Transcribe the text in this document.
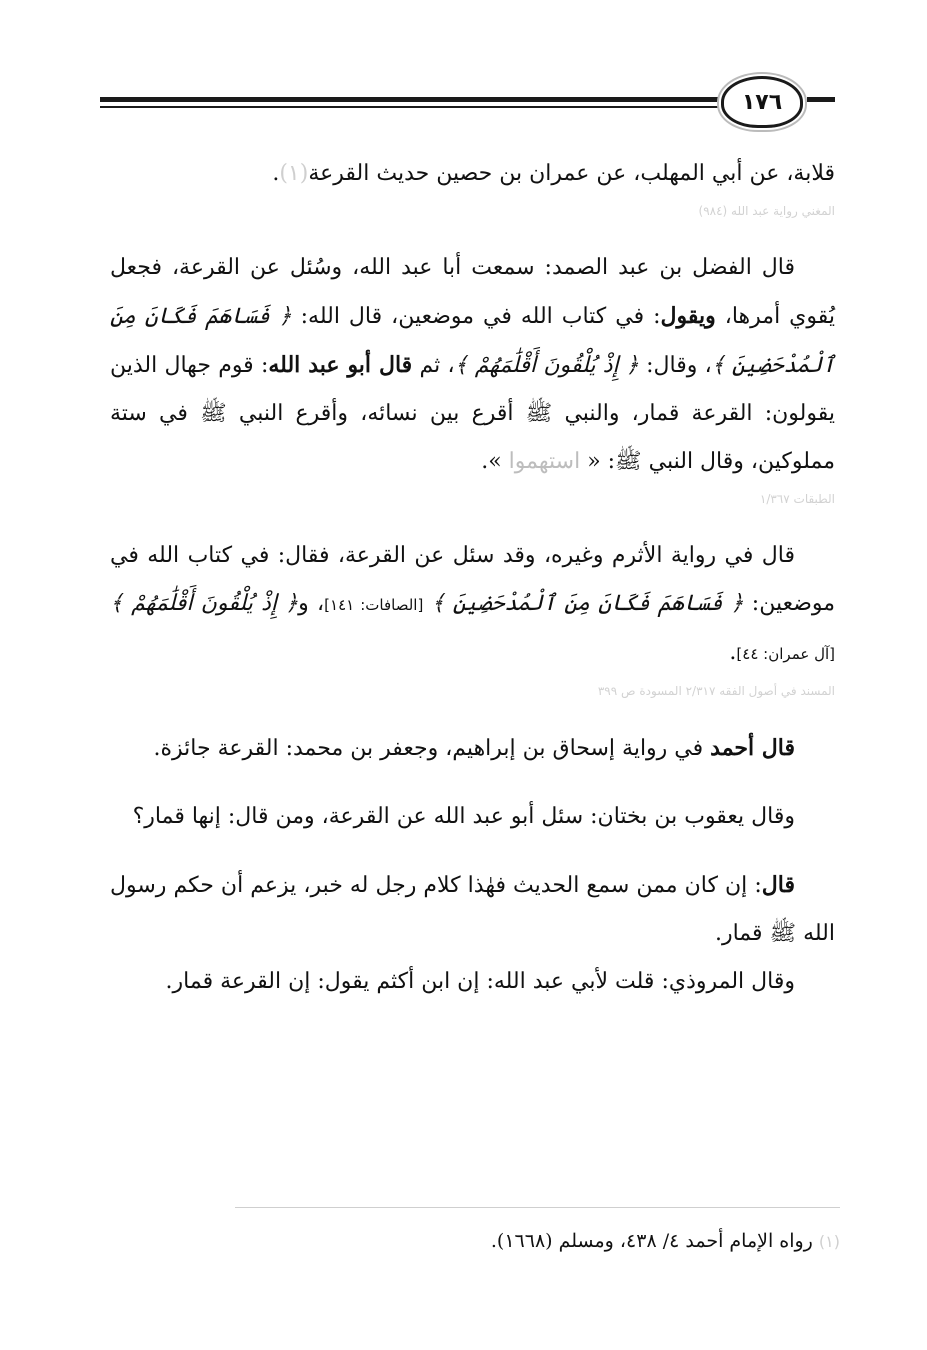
١٧٦

قلابة، عن أبي المهلب، عن عمران بن حصين حديث القرعة(١).

المغني رواية عبد الله (٩٨٤)

قال الفضل بن عبد الصمد: سمعت أبا عبد الله، وسُئل عن القرعة، فجعل يُقوي أمرها، ويقول: في كتاب الله في موضعين، قال الله: ﴿ فَسَاهَمَ فَكَانَ مِنَ ٱلْمُدْحَضِينَ ﴾، وقال: ﴿ إِذْ يُلْقُونَ أَقْلَٰمَهُمْ ﴾، ثم قال أبو عبد الله: قوم جهال الذين يقولون: القرعة قمار، والنبي ﷺ أقرع بين نسائه، وأقرع النبي ﷺ في ستة مملوكين، وقال النبي ﷺ: « استهموا ».

الطبقات ١/٣٦٧

قال في رواية الأثرم وغيره، وقد سئل عن القرعة، فقال: في كتاب الله في موضعين: ﴿ فَسَاهَمَ فَكَانَ مِنَ ٱلْمُدْحَضِينَ ﴾ [الصافات: ١٤١]، و﴿ إِذْ يُلْقُونَ أَقْلَٰمَهُمْ ﴾ [آل عمران: ٤٤].

المسند في أصول الفقه ٢/٣١٧ المسودة ص ٣٩٩

قال أحمد في رواية إسحاق بن إبراهيم، وجعفر بن محمد: القرعة جائزة.

وقال يعقوب بن بختان: سئل أبو عبد الله عن القرعة، ومن قال: إنها قمار؟

قال: إن كان ممن سمع الحديث فهٰذا كلام رجل له خبر، يزعم أن حكم رسول الله ﷺ قمار.

وقال المروذي: قلت لأبي عبد الله: إن ابن أكثم يقول: إن القرعة قمار.

(١) رواه الإمام أحمد ٤/ ٤٣٨، ومسلم (١٦٦٨).
